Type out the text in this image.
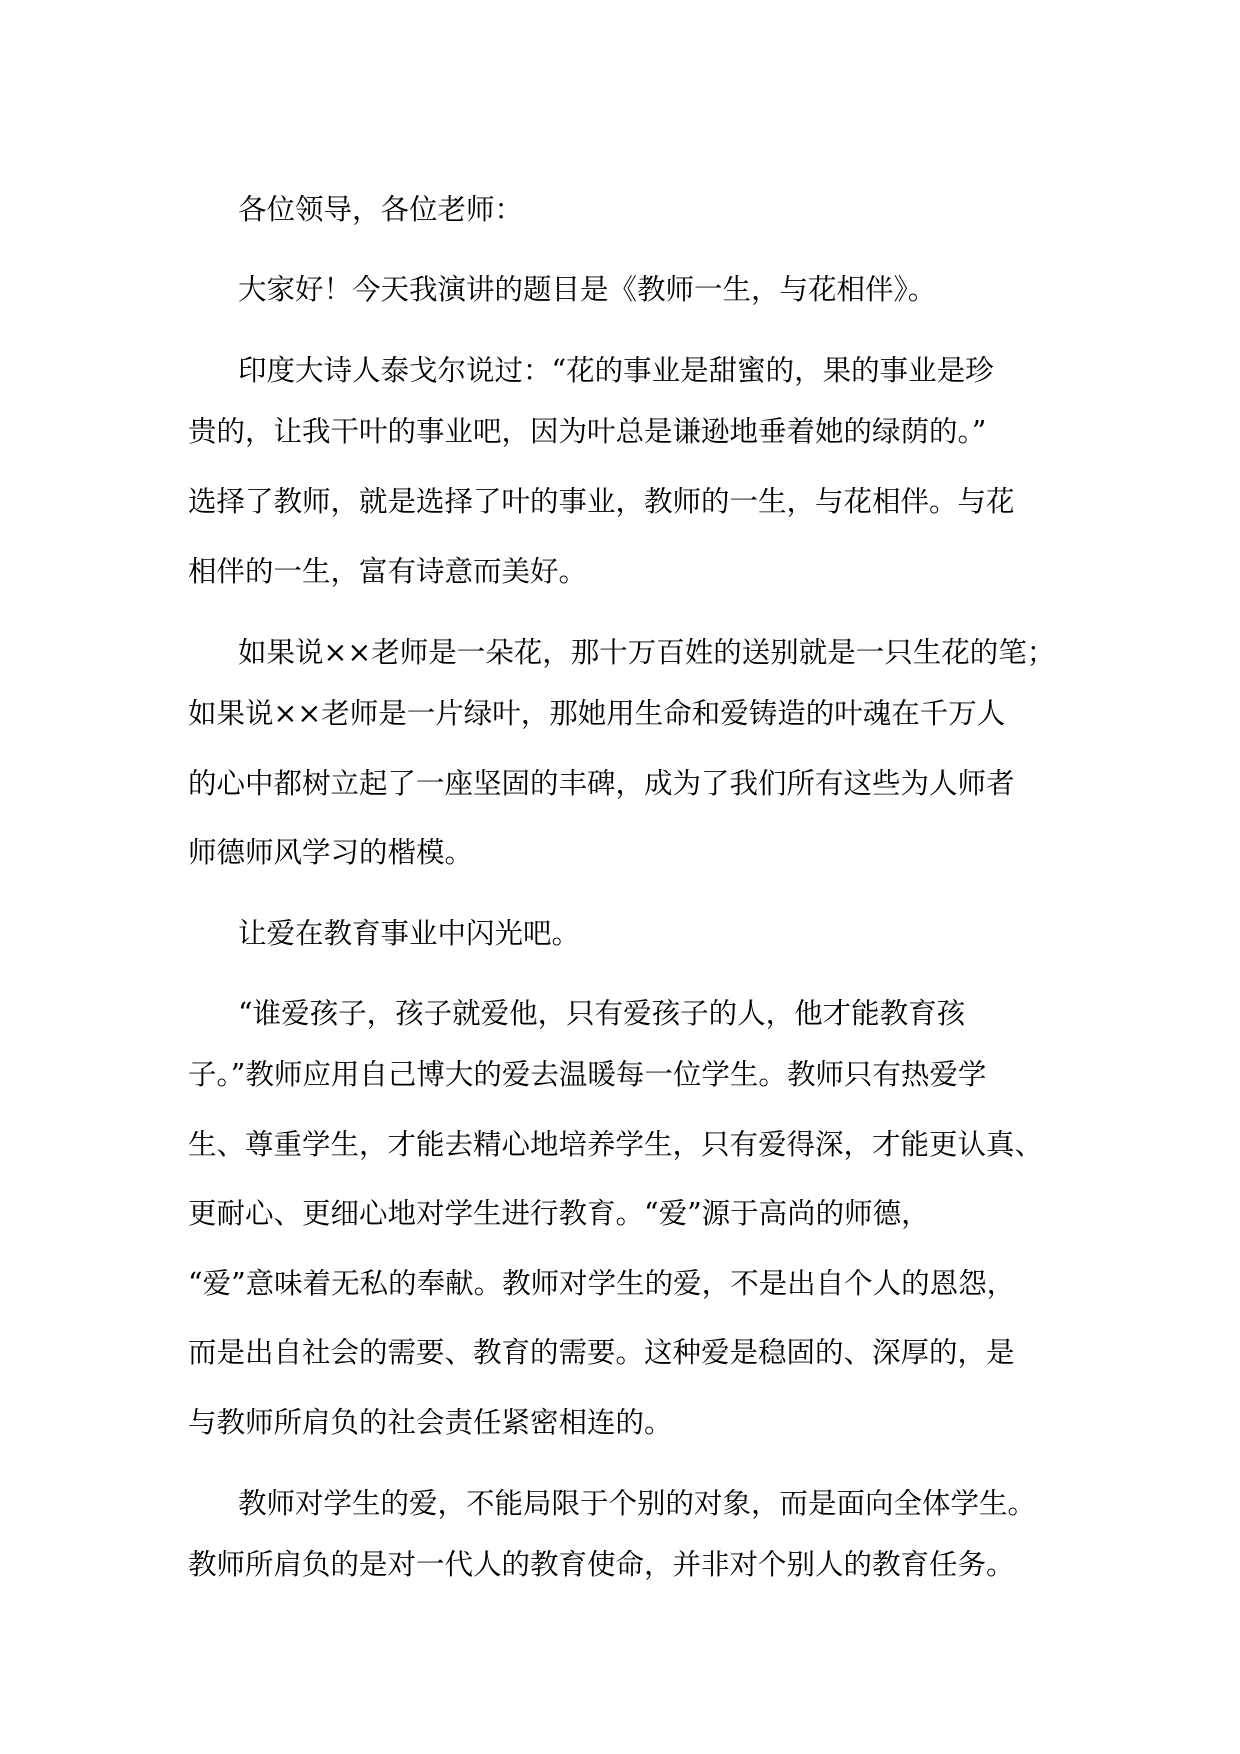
各位领导，各位老师：
大家好！今天我演讲的题目是《教师一生，与花相伴》。
印度大诗人泰戈尔说过：“花的事业是甜蜜的，果的事业是珍
贵的，让我干叶的事业吧，因为叶总是谦逊地垂着她的绿荫的。”
选择了教师，就是选择了叶的事业，教师的一生，与花相伴。与花
相伴的一生，富有诗意而美好。
如果说××老师是一朵花，那十万百姓的送别就是一只生花的笔；
如果说××老师是一片绿叶，那她用生命和爱铸造的叶魂在千万人
的心中都树立起了一座坚固的丰碑，成为了我们所有这些为人师者
师德师风学习的楷模。
让爱在教育事业中闪光吧。
“谁爱孩子，孩子就爱他，只有爱孩子的人，他才能教育孩
子。”教师应用自己博大的爱去温暖每一位学生。教师只有热爱学
生、尊重学生，才能去精心地培养学生，只有爱得深，才能更认真、
更耐心、更细心地对学生进行教育。“爱”源于高尚的师德，
“爱”意味着无私的奉献。教师对学生的爱，不是出自个人的恩怨，
而是出自社会的需要、教育的需要。这种爱是稳固的、深厚的，是
与教师所肩负的社会责任紧密相连的。
教师对学生的爱，不能局限于个别的对象，而是面向全体学生。
教师所肩负的是对一代人的教育使命，并非对个别人的教育任务。
